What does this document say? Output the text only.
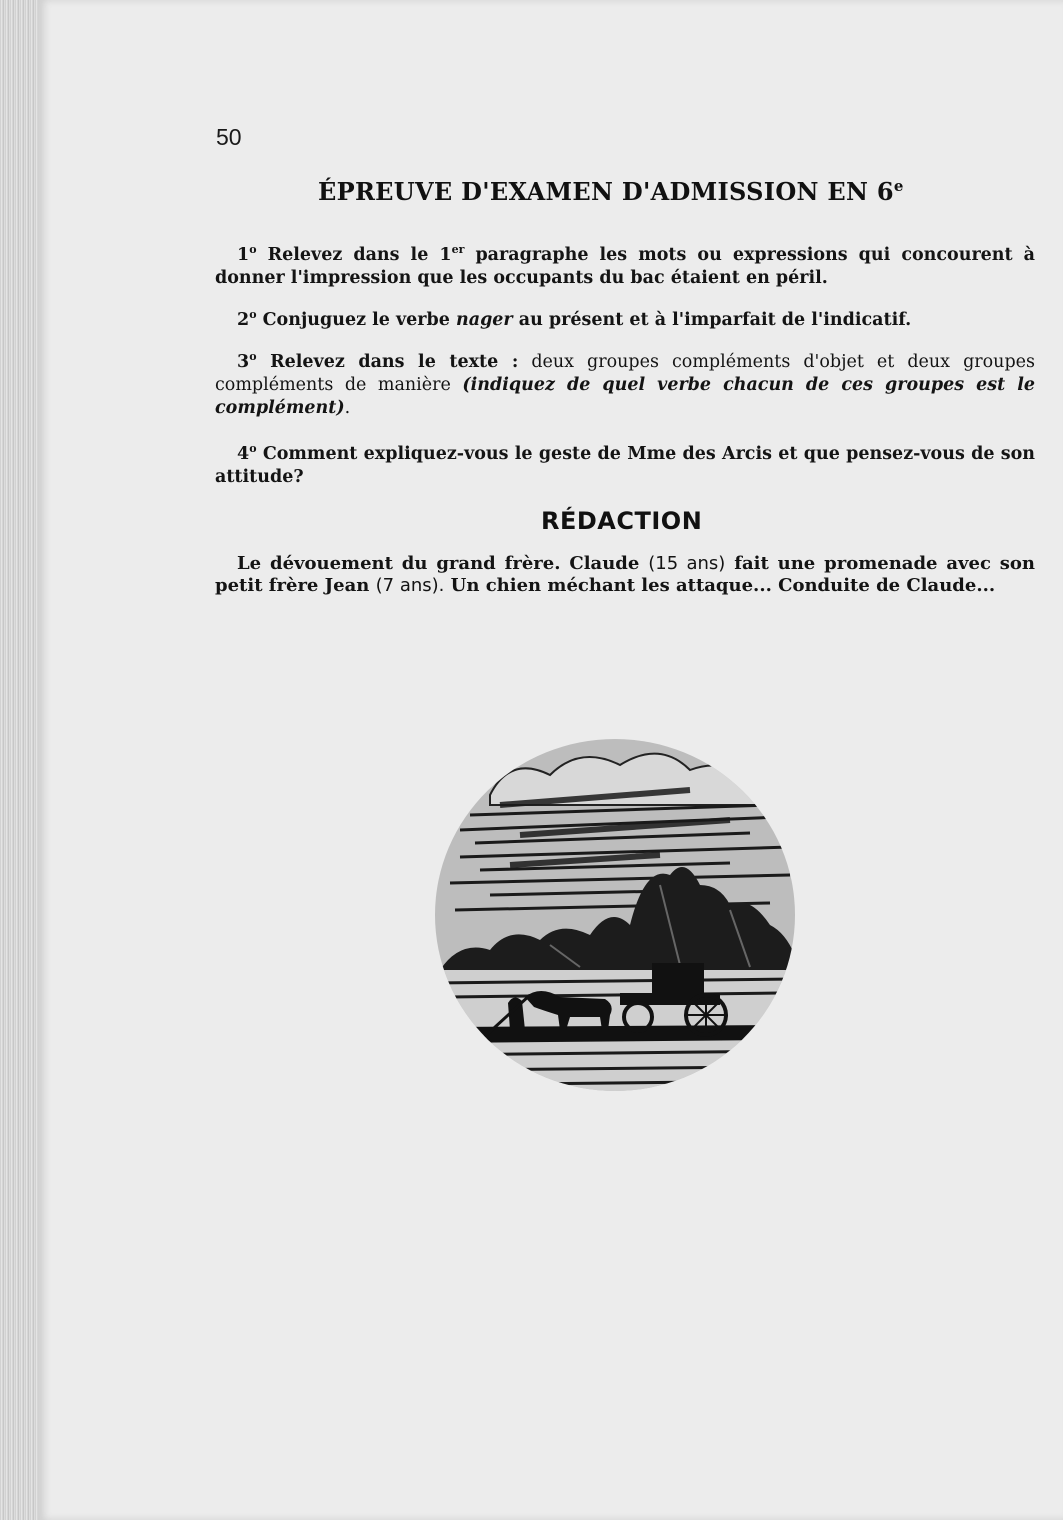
50
ÉPREUVE D'EXAMEN D'ADMISSION EN 6e
1$^o$ Relevez dans le 1er paragraphe les mots ou expressions qui concourent à donner l'impression que les occupants du bac étaient en péril.
2$^o$ Conjuguez le verbe nager au présent et à l'imparfait de l'indicatif.
3$^o$ Relevez dans le texte : deux groupes compléments d'objet et deux groupes compléments de manière (indiquez de quel verbe chacun de ces groupes est le complément).
4$^o$ Comment expliquez-vous le geste de Mme des Arcis et que pensez-vous de son attitude?
RÉDACTION
Le dévouement du grand frère. Claude (15 ans) fait une promenade avec son petit frère Jean (7 ans). Un chien méchant les attaque... Conduite de Claude...
